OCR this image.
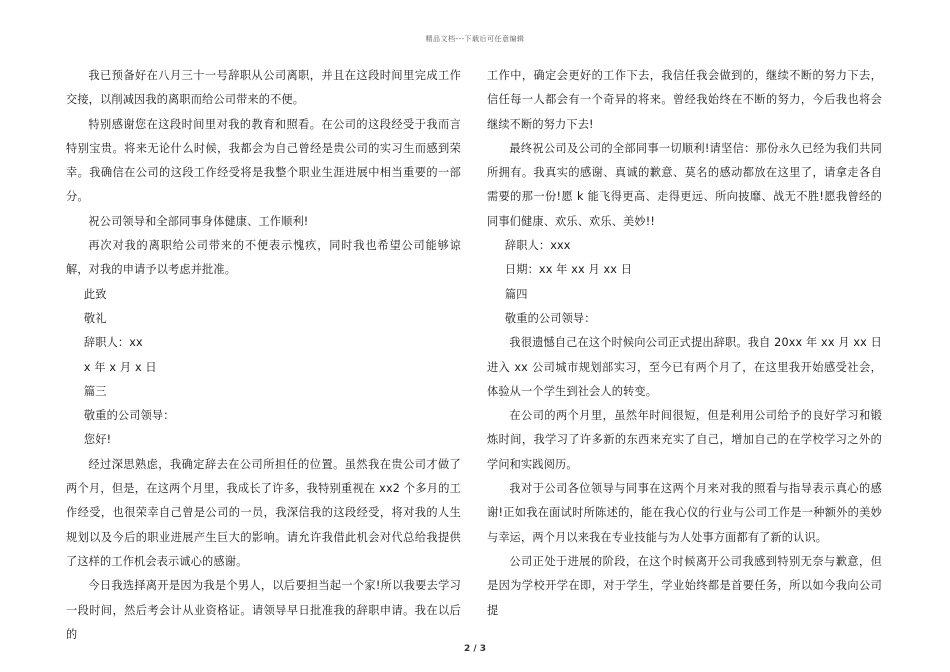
精品文档---下载后可任意编辑

我已预备好在八月三十一号辞职从公司离职，并且在这段时间里完成工作交接，以削减因我的离职而给公司带来的不便。

特别感谢您在这段时间里对我的教育和照看。在公司的这段经受于我而言特别宝贵。将来无论什么时候，我都会为自己曾经是贵公司的实习生而感到荣幸。我确信在公司的这段工作经受将是我整个职业生涯进展中相当重要的一部分。

祝公司领导和全部同事身体健康、工作顺利!

再次对我的离职给公司带来的不便表示愧疚，同时我也希望公司能够谅解，对我的申请予以考虑并批准。

此致

敬礼

辞职人：xx

x 年 x 月 x 日

篇三

敬重的公司领导：

您好!

经过深思熟虑，我确定辞去在公司所担任的位置。虽然我在贵公司才做了两个月，但是，在这两个月里，我成长了许多，我特别重视在 xx2 个多月的工作经受，也很荣幸自己曾是公司的一员，我深信我的这段经受，将对我的人生规划以及今后的职业进展产生巨大的影响。请允许我借此机会对代总给我提供了这样的工作机会表示诚心的感谢。

今日我选择离开是因为我是个男人，以后要担当起一个家!所以我要去学习一段时间，然后考会计从业资格证。请领导早日批准我的辞职申请。我在以后的

工作中，确定会更好的工作下去，我信任我会做到的，继续不断的努力下去，信任每一人都会有一个奇异的将来。曾经我始终在不断的努力，今后我也将会继续不断的努力下去!

最终祝公司及公司的全部同事一切顺利!请坚信：那份永久已经为我们共同所拥有。我真实的感谢、真诚的歉意、莫名的感动都放在这里了，请拿走各自需要的那一份!愿 k 能飞得更高、走得更远、所向披靡、战无不胜!愿我曾经的同事们健康、欢乐、欢乐、美妙!!

辞职人：xxx

日期：xx 年 xx 月 xx 日

篇四

敬重的公司领导：

我很遗憾自己在这个时候向公司正式提出辞职。我自 20xx 年 xx 月 xx 日进入 xx 公司城市规划部实习，至今已有两个月了，在这里我开始感受社会，体验从一个学生到社会人的转变。

在公司的两个月里，虽然年时间很短，但是利用公司给予的良好学习和锻炼时间，我学习了许多新的东西来充实了自己，增加自己的在学校学习之外的学问和实践阅历。

我对于公司各位领导与同事在这两个月来对我的照看与指导表示真心的感谢!正如我在面试时所陈述的，能在我心仪的行业与公司工作是一种额外的美妙与幸运，两个月以来我在专业技能与为人处事方面都有了新的认识。

公司正处于进展的阶段，在这个时候离开公司我感到特别无奈与歉意，但是因为学校开学在即，对于学生，学业始终都是首要任务，所以如今我向公司提

2 / 3
